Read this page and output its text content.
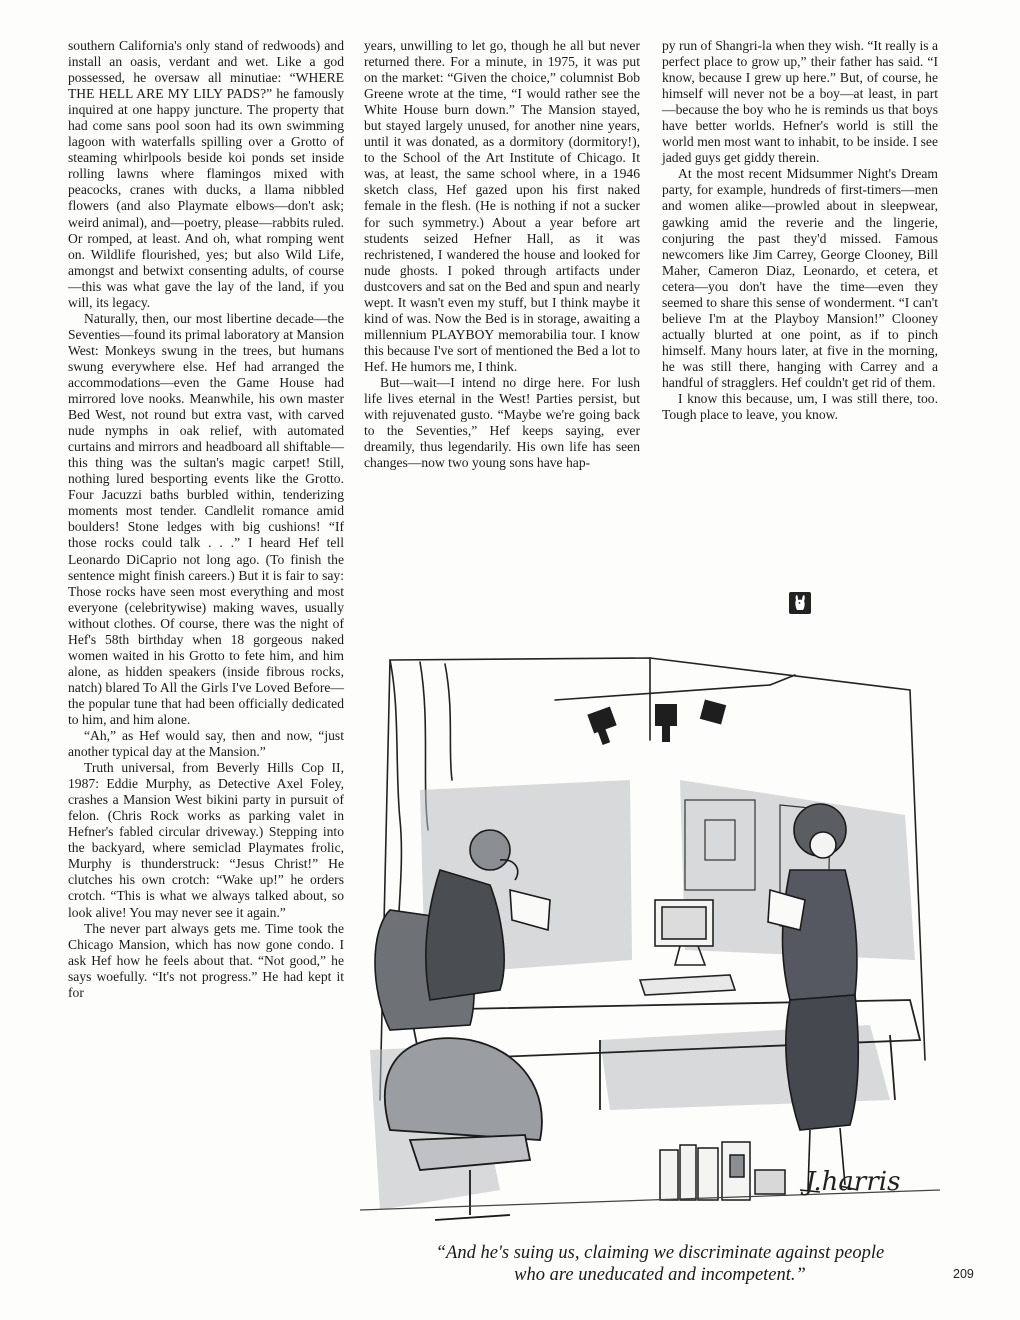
southern California's only stand of redwoods) and install an oasis, verdant and wet. Like a god possessed, he oversaw all minutiae: “WHERE THE HELL ARE MY LILY PADS?” he famously inquired at one happy juncture. The property that had come sans pool soon had its own swimming lagoon with waterfalls spilling over a Grotto of steaming whirlpools beside koi ponds set inside rolling lawns where flamingos mixed with peacocks, cranes with ducks, a llama nibbled flowers (and also Playmate elbows—don't ask; weird animal), and—poetry, please—rabbits ruled. Or romped, at least. And oh, what romping went on. Wildlife flourished, yes; but also Wild Life, amongst and betwixt consenting adults, of course—this was what gave the lay of the land, if you will, its legacy.

Naturally, then, our most libertine decade—the Seventies—found its primal laboratory at Mansion West: Monkeys swung in the trees, but humans swung everywhere else. Hef had arranged the accommodations—even the Game House had mirrored love nooks. Meanwhile, his own master Bed West, not round but extra vast, with carved nude nymphs in oak relief, with automated curtains and mirrors and headboard all shiftable—this thing was the sultan's magic carpet! Still, nothing lured besporting events like the Grotto. Four Jacuzzi baths burbled within, tenderizing moments most tender. Candlelit romance amid boulders! Stone ledges with big cushions! “If those rocks could talk . . .” I heard Hef tell Leonardo DiCaprio not long ago. (To finish the sentence might finish careers.) But it is fair to say: Those rocks have seen most everything and most everyone (celebritywise) making waves, usually without clothes. Of course, there was the night of Hef's 58th birthday when 18 gorgeous naked women waited in his Grotto to fete him, and him alone, as hidden speakers (inside fibrous rocks, natch) blared To All the Girls I've Loved Before—the popular tune that had been officially dedicated to him, and him alone.

“Ah,” as Hef would say, then and now, “just another typical day at the Mansion.”

Truth universal, from Beverly Hills Cop II, 1987: Eddie Murphy, as Detective Axel Foley, crashes a Mansion West bikini party in pursuit of felon. (Chris Rock works as parking valet in Hefner's fabled circular driveway.) Stepping into the backyard, where semiclad Playmates frolic, Murphy is thunderstruck: “Jesus Christ!” He clutches his own crotch: “Wake up!” he orders crotch. “This is what we always talked about, so look alive! You may never see it again.”

The never part always gets me. Time took the Chicago Mansion, which has now gone condo. I ask Hef how he feels about that. “Not good,” he says woefully. “It's not progress.” He had kept it for

years, unwilling to let go, though he all but never returned there. For a minute, in 1975, it was put on the market: “Given the choice,” columnist Bob Greene wrote at the time, “I would rather see the White House burn down.” The Mansion stayed, but stayed largely unused, for another nine years, until it was donated, as a dormitory (dormitory!), to the School of the Art Institute of Chicago. It was, at least, the same school where, in a 1946 sketch class, Hef gazed upon his first naked female in the flesh. (He is nothing if not a sucker for such symmetry.) About a year before art students seized Hefner Hall, as it was rechristened, I wandered the house and looked for nude ghosts. I poked through artifacts under dustcovers and sat on the Bed and spun and nearly wept. It wasn't even my stuff, but I think maybe it kind of was. Now the Bed is in storage, awaiting a millennium PLAYBOY memorabilia tour. I know this because I've sort of mentioned the Bed a lot to Hef. He humors me, I think.

But—wait—I intend no dirge here. For lush life lives eternal in the West! Parties persist, but with rejuvenated gusto. “Maybe we're going back to the Seventies,” Hef keeps saying, ever dreamily, thus legendarily. His own life has seen changes—now two young sons have hap-

py run of Shangri-la when they wish. “It really is a perfect place to grow up,” their father has said. “I know, because I grew up here.” But, of course, he himself will never not be a boy—at least, in part—because the boy who he is reminds us that boys have better worlds. Hefner's world is still the world men most want to inhabit, to be inside. I see jaded guys get giddy therein.

At the most recent Midsummer Night's Dream party, for example, hundreds of first-timers—men and women alike—prowled about in sleepwear, gawking amid the reverie and the lingerie, conjuring the past they'd missed. Famous newcomers like Jim Carrey, George Clooney, Bill Maher, Cameron Diaz, Leonardo, et cetera, et cetera—you don't have the time—even they seemed to share this sense of wonderment. “I can't believe I'm at the Playboy Mansion!” Clooney actually blurted at one point, as if to pinch himself. Many hours later, at five in the morning, he was still there, hanging with Carrey and a handful of stragglers. Hef couldn't get rid of them.

I know this because, um, I was still there, too. Tough place to leave, you know.

J.harris
“And he's suing us, claiming we discriminate against people
who are uneducated and incompetent.”	209
